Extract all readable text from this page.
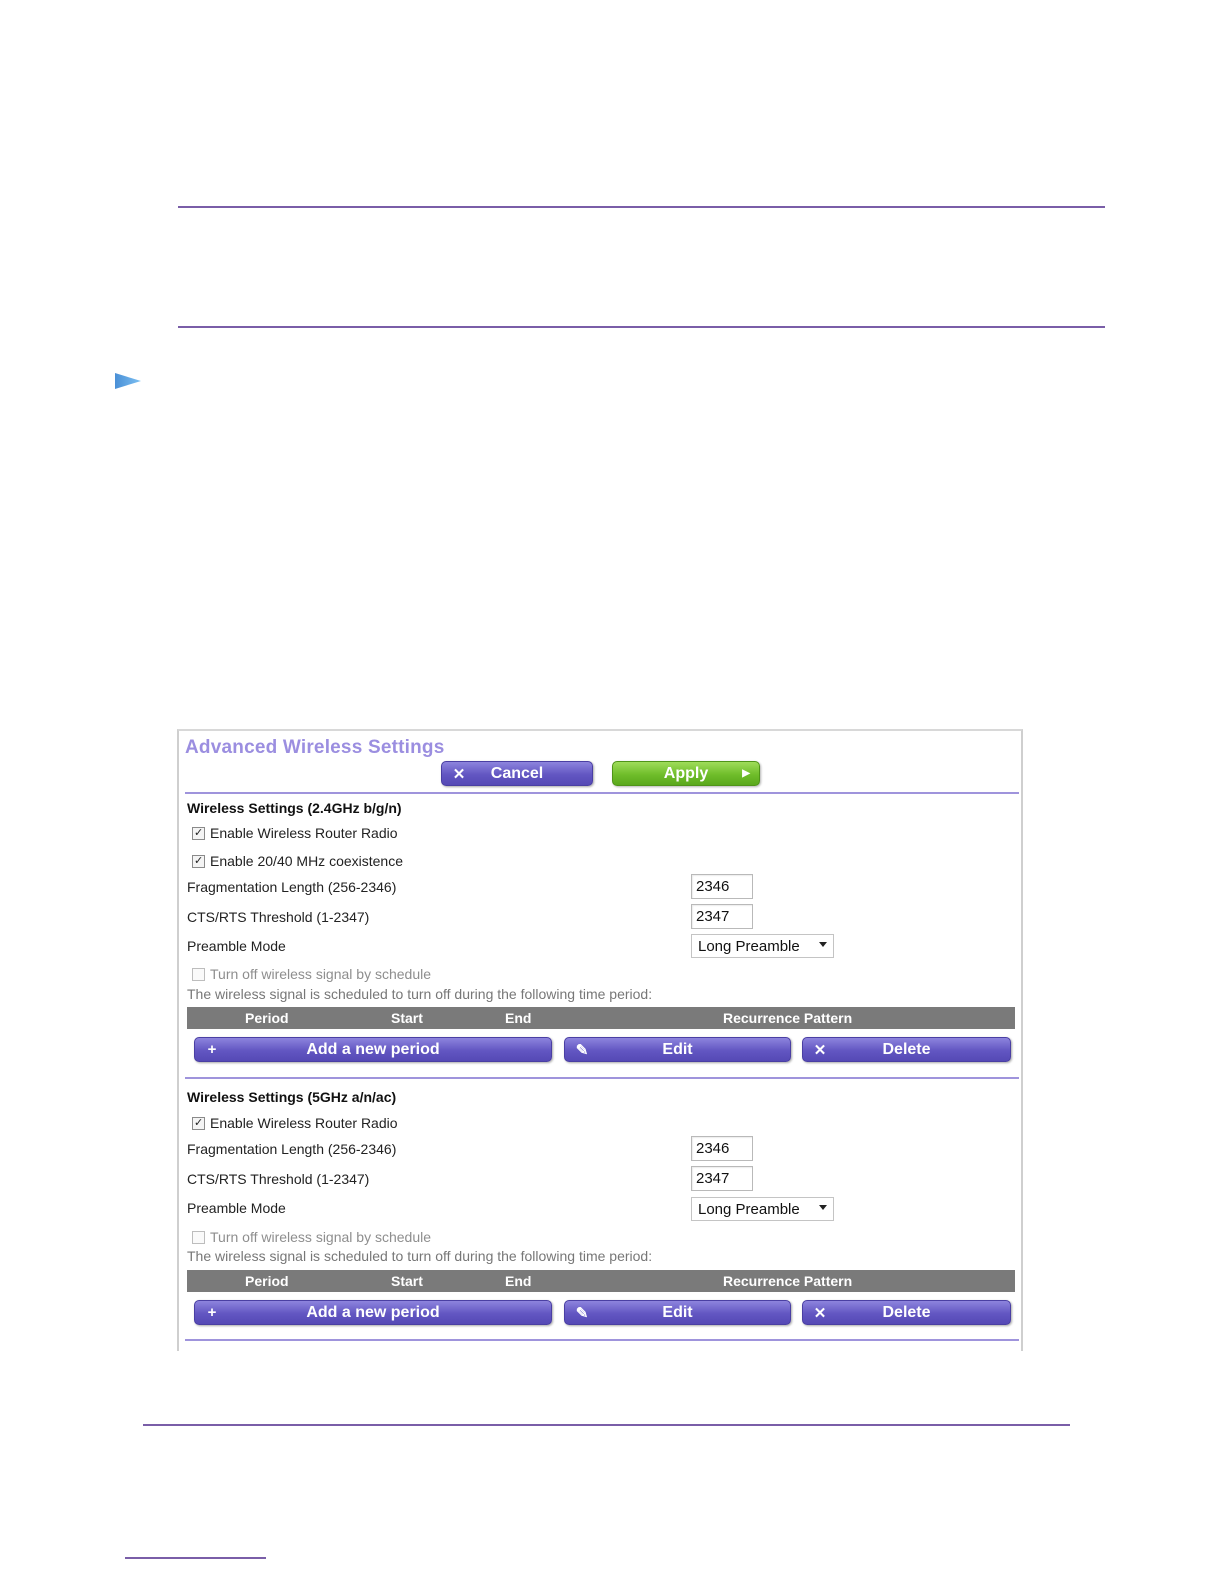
Advanced Wireless Settings
✕	Cancel	Apply	▶
Wireless Settings (2.4GHz b/g/n)
✓
Enable Wireless Router Radio
✓
Enable 20/40 MHz coexistence
Fragmentation Length (256-2346)	2346
CTS/RTS Threshold (1-2347)	2347
Preamble Mode	Long Preamble
Turn off wireless signal by schedule
The wireless signal is scheduled to turn off during the following time period:
Period	Start	End	Recurrence Pattern
+	Add a new period	✎	Edit	✕	Delete
Wireless Settings (5GHz a/n/ac)
✓
Enable Wireless Router Radio
Fragmentation Length (256-2346)	2346
CTS/RTS Threshold (1-2347)	2347
Preamble Mode	Long Preamble
Turn off wireless signal by schedule
The wireless signal is scheduled to turn off during the following time period:
Period	Start	End	Recurrence Pattern
+	Add a new period	✎	Edit	✕	Delete
